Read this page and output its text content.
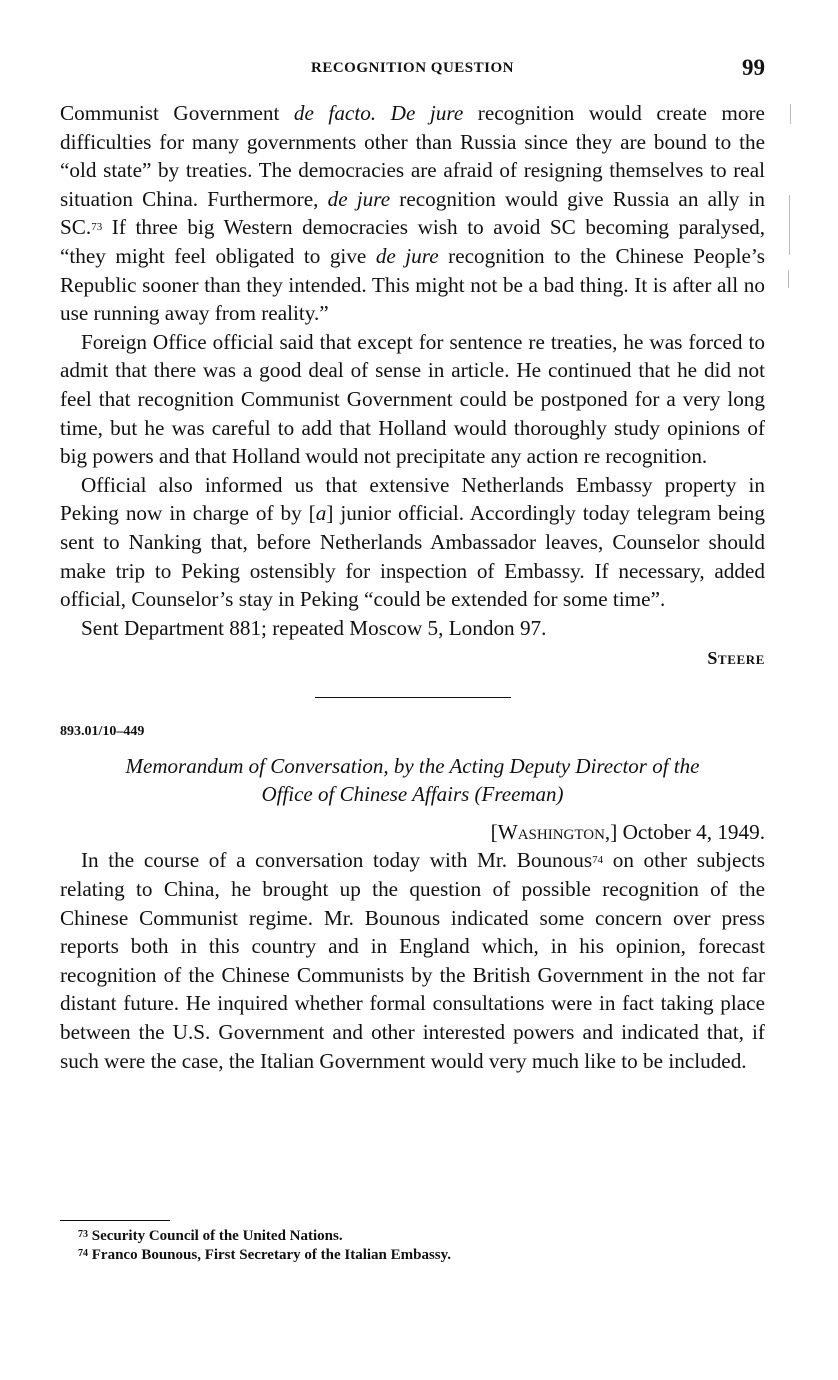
RECOGNITION QUESTION	99

Communist Government de facto. De jure recognition would create more difficulties for many governments other than Russia since they are bound to the “old state” by treaties. The democracies are afraid of resigning themselves to real situation China. Furthermore, de jure recognition would give Russia an ally in SC.$^{73}$ If three big Western democracies wish to avoid SC becoming paralysed, “they might feel obligated to give de jure recognition to the Chinese People’s Republic sooner than they intended. This might not be a bad thing. It is after all no use running away from reality.”

Foreign Office official said that except for sentence re treaties, he was forced to admit that there was a good deal of sense in article. He continued that he did not feel that recognition Communist Government could be postponed for a very long time, but he was careful to add that Holland would thoroughly study opinions of big powers and that Holland would not precipitate any action re recognition.

Official also informed us that extensive Netherlands Embassy property in Peking now in charge of by [a] junior official. Accordingly today telegram being sent to Nanking that, before Netherlands Ambassador leaves, Counselor should make trip to Peking ostensibly for inspection of Embassy. If necessary, added official, Counselor’s stay in Peking “could be extended for some time”.

Sent Department 881; repeated Moscow 5, London 97.

Steere
893.01/10–449
Memorandum of Conversation, by the Acting Deputy Director of the
Office of Chinese Affairs (Freeman)
[Washington,] October 4, 1949.

In the course of a conversation today with Mr. Bounous$^{74}$ on other subjects relating to China, he brought up the question of possible recognition of the Chinese Communist regime. Mr. Bounous indicated some concern over press reports both in this country and in England which, in his opinion, forecast recognition of the Chinese Communists by the British Government in the not far distant future. He inquired whether formal consultations were in fact taking place between the U.S. Government and other interested powers and indicated that, if such were the case, the Italian Government would very much like to be included.

$^{73}$ Security Council of the United Nations.
$^{74}$ Franco Bounous, First Secretary of the Italian Embassy.
